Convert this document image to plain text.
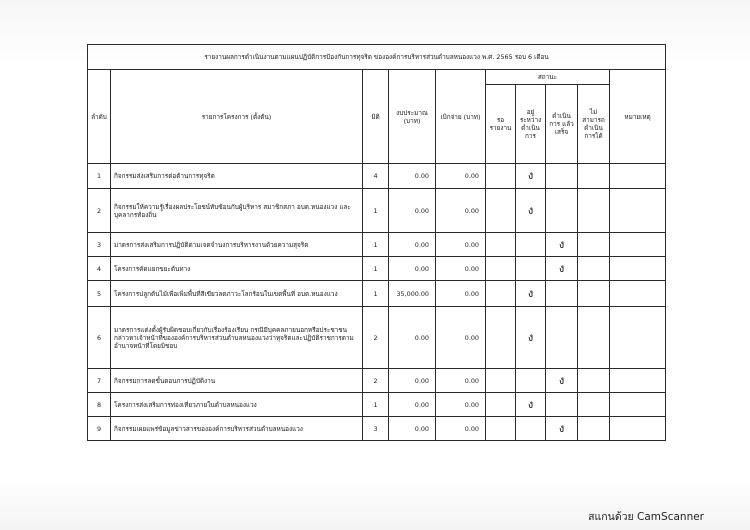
รายงานผลการดำเนินงานตามแผนปฏิบัติการป้องกันการทุจริต ขององค์การบริหารส่วนตำบลหนองแวง พ.ศ. 2565 รอบ 6 เดือน									
ลำดับ	รายการโครงการ (ตั้งต้น)	มิติ	งบประมาณ (บาท)	เบิกจ่าย (บาท)	สถานะ				หมายเหตุ
					รอ รายงาน	อยู่ ระหว่าง ดำเนิน การ	ดำเนิน การ แล้วเสร็จ	ไม่ สามารถ ดำเนิน การได้	
1	กิจกรรมส่งเสริมการต่อต้านการทุจริต	4	0.00	0.00		ง			
2	กิจกรรมให้ความรู้เรื่องผลประโยชน์ทับซ้อนกับผู้บริหาร สมาชิกสภา อบต.หนองแวง และบุคลากรท้องถิ่น	1	0.00	0.00		ง			
3	มาตรการส่งเสริมการปฏิบัติตามเจตจำนงการบริหารงานด้วยความสุจริต	1	0.00	0.00			ง		
4	โครงการคัดแยกขยะต้นทาง	1	0.00	0.00			ง		
5	โครงการปลูกต้นไม้เพื่อเพิ่มพื้นที่สีเขียวลดภาวะโลกร้อนในเขตพื้นที่ อบต.หนองแวง	1	35,000.00	0.00		ง			
6	มาตรการแต่งตั้งผู้รับผิดชอบเกี่ยวกับเรื่องร้องเรียน กรณีมีบุคคลภายนอกหรือประชาชนกล่าวหาเจ้าหน้าที่ขององค์การบริหารส่วนตำบลหนองแวงว่าทุจริตและปฏิบัติราชการตามอำนาจหน้าที่โดยมิชอบ	2	0.00	0.00		ง			
7	กิจกรรมการลดขั้นตอนการปฏิบัติงาน	2	0.00	0.00			ง		
8	โครงการส่งเสริมการท่องเที่ยวภายในตำบลหนองแวง	1	0.00	0.00		ง			
9	กิจกรรมเผยแพร่ข้อมูลข่าวสารขององค์การบริหารส่วนตำบลหนองแวง	3	0.00	0.00			ง		
สแกนด้วย CamScanner
